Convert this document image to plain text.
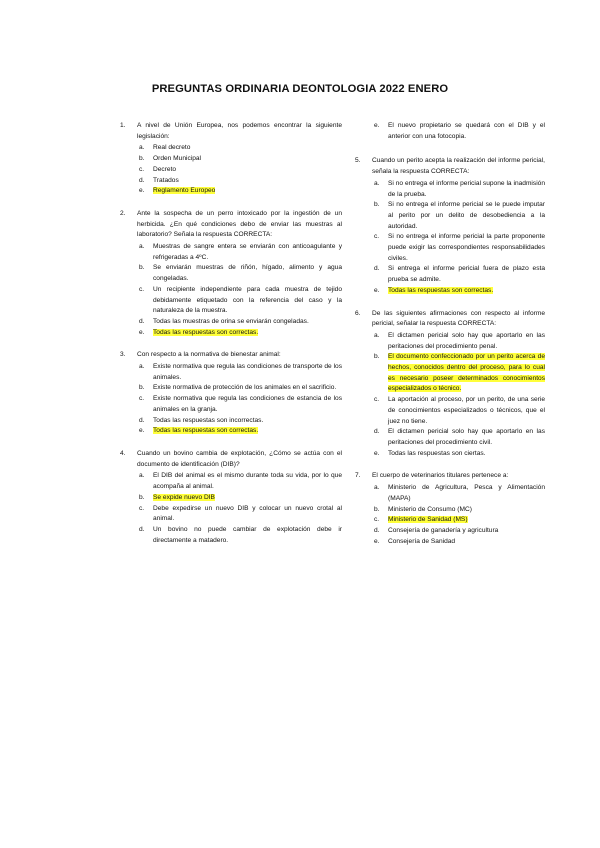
PREGUNTAS ORDINARIA DEONTOLOGIA 2022 ENERO
1.	A nivel de Unión Europea, nos podemos encontrar la siguiente legislación:
a.	Real decreto
b.	Orden Municipal
c.	Decreto
d.	Tratados
e.	Reglamento Europeo
2.	Ante la sospecha de un perro intoxicado por la ingestión de un herbicida. ¿En qué condiciones debo de enviar las muestras al laboratorio? Señala la respuesta CORRECTA:
a.	Muestras de sangre entera se enviarán con anticoagulante y refrigeradas a 4ºC.
b.	Se enviarán muestras de riñón, hígado, alimento y agua congeladas.
c.	Un recipiente independiente para cada muestra de tejido debidamente etiquetado con la referencia del caso y la naturaleza de la muestra.
d.	Todas las muestras de orina se enviarán congeladas.
e.	Todas las respuestas son correctas.
3.	Con respecto a la normativa de bienestar animal:
a.	Existe normativa que regula las condiciones de transporte de los animales.
b.	Existe normativa de protección de los animales en el sacrificio.
c.	Existe normativa que regula las condiciones de estancia de los animales en la granja.
d.	Todas las respuestas son incorrectas.
e.	Todas las respuestas son correctas.
4.	Cuando un bovino cambia de explotación, ¿Cómo se actúa con el documento de identificación (DIB)?
a.	El DIB del animal es el mismo durante toda su vida, por lo que acompaña al animal.
b.	Se expide nuevo DIB
c.	Debe expedirse un nuevo DIB y colocar un nuevo crotal al animal.
d.	Un bovino no puede cambiar de explotación debe ir directamente a matadero.
e.	El nuevo propietario se quedará con el DIB y el anterior con una fotocopia.
5.	Cuando un perito acepta la realización del informe pericial, señala la respuesta CORRECTA:
a.	Si no entrega el informe pericial supone la inadmisión de la prueba.
b.	Si no entrega el informe pericial se le puede imputar al perito por un delito de desobediencia a la autoridad.
c.	Si no entrega el informe pericial la parte proponente puede exigir las correspondientes responsabilidades civiles.
d.	Si entrega el informe pericial fuera de plazo esta prueba se admite.
e.	Todas las respuestas son correctas.
6.	De las siguientes afirmaciones con respecto al informe pericial, señalar la respuesta CORRECTA:
a.	El dictamen pericial solo hay que aportarlo en las peritaciones del procedimiento penal.
b.	El documento confeccionado por un perito acerca de hechos, conocidos dentro del proceso, para lo cual es necesario poseer determinados conocimientos especializados o técnico.
c.	La aportación al proceso, por un perito, de una serie de conocimientos especializados o técnicos, que el juez no tiene.
d.	El dictamen pericial solo hay que aportarlo en las peritaciones del procedimiento civil.
e.	Todas las respuestas son ciertas.
7.	El cuerpo de veterinarios titulares pertenece a:
a.	Ministerio de Agricultura, Pesca y Alimentación (MAPA)
b.	Ministerio de Consumo (MC)
c.	Ministerio de Sanidad (MS)
d.	Consejería de ganadería y agricultura
e.	Consejería de Sanidad
